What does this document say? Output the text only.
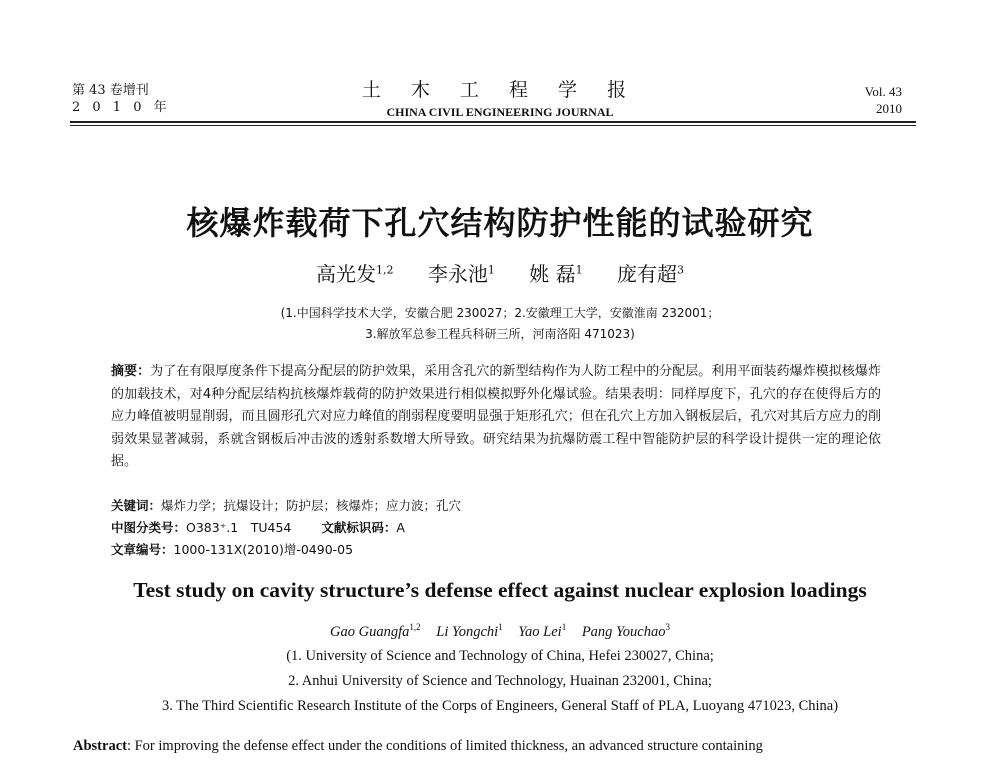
第 43 卷增刊
2 0 1 0 年
土 木 工 程 学 报
CHINA CIVIL ENGINEERING JOURNAL
Vol. 43
2010
核爆炸载荷下孔穴结构防护性能的试验研究
高光发$^{1,2}$ 李永池$^1$ 姚 磊$^1$ 庞有超$^3$
(1.中国科学技术大学，安徽合肥 230027；2.安徽理工大学，安徽淮南 232001；
3.解放军总参工程兵科研三所，河南洛阳 471023)
摘要：为了在有限厚度条件下提高分配层的防护效果，采用含孔穴的新型结构作为人防工程中的分配层。利用平面装药爆炸模拟核爆炸的加载技术，对4种分配层结构抗核爆炸载荷的防护效果进行相似模拟野外化爆试验。结果表明：同样厚度下，孔穴的存在使得后方的应力峰值被明显削弱，而且圆形孔穴对应力峰值的削弱程度要明显强于矩形孔穴；但在孔穴上方加入钢板层后，孔穴对其后方应力的削弱效果显著减弱，系就含钢板后冲击波的透射系数增大所导致。研究结果为抗爆防震工程中智能防护层的科学设计提供一定的理论依据。
关键词：爆炸力学；抗爆设计；防护层；核爆炸；应力波；孔穴
中图分类号：O383⁺.1　TU454 文献标识码：A
文章编号：1000-131X(2010)增-0490-05
Test study on cavity structure’s defense effect against nuclear explosion loadings
Gao Guangfa$^{1,2}$ Li Yongchi$^1$ Yao Lei$^1$ Pang Youchao$^3$
(1. University of Science and Technology of China, Hefei 230027, China;
2. Anhui University of Science and Technology, Huainan 232001, China;
3. The Third Scientific Research Institute of the Corps of Engineers, General Staff of PLA, Luoyang 471023, China)
Abstract: For improving the defense effect under the conditions of limited thickness, an advanced structure containing
